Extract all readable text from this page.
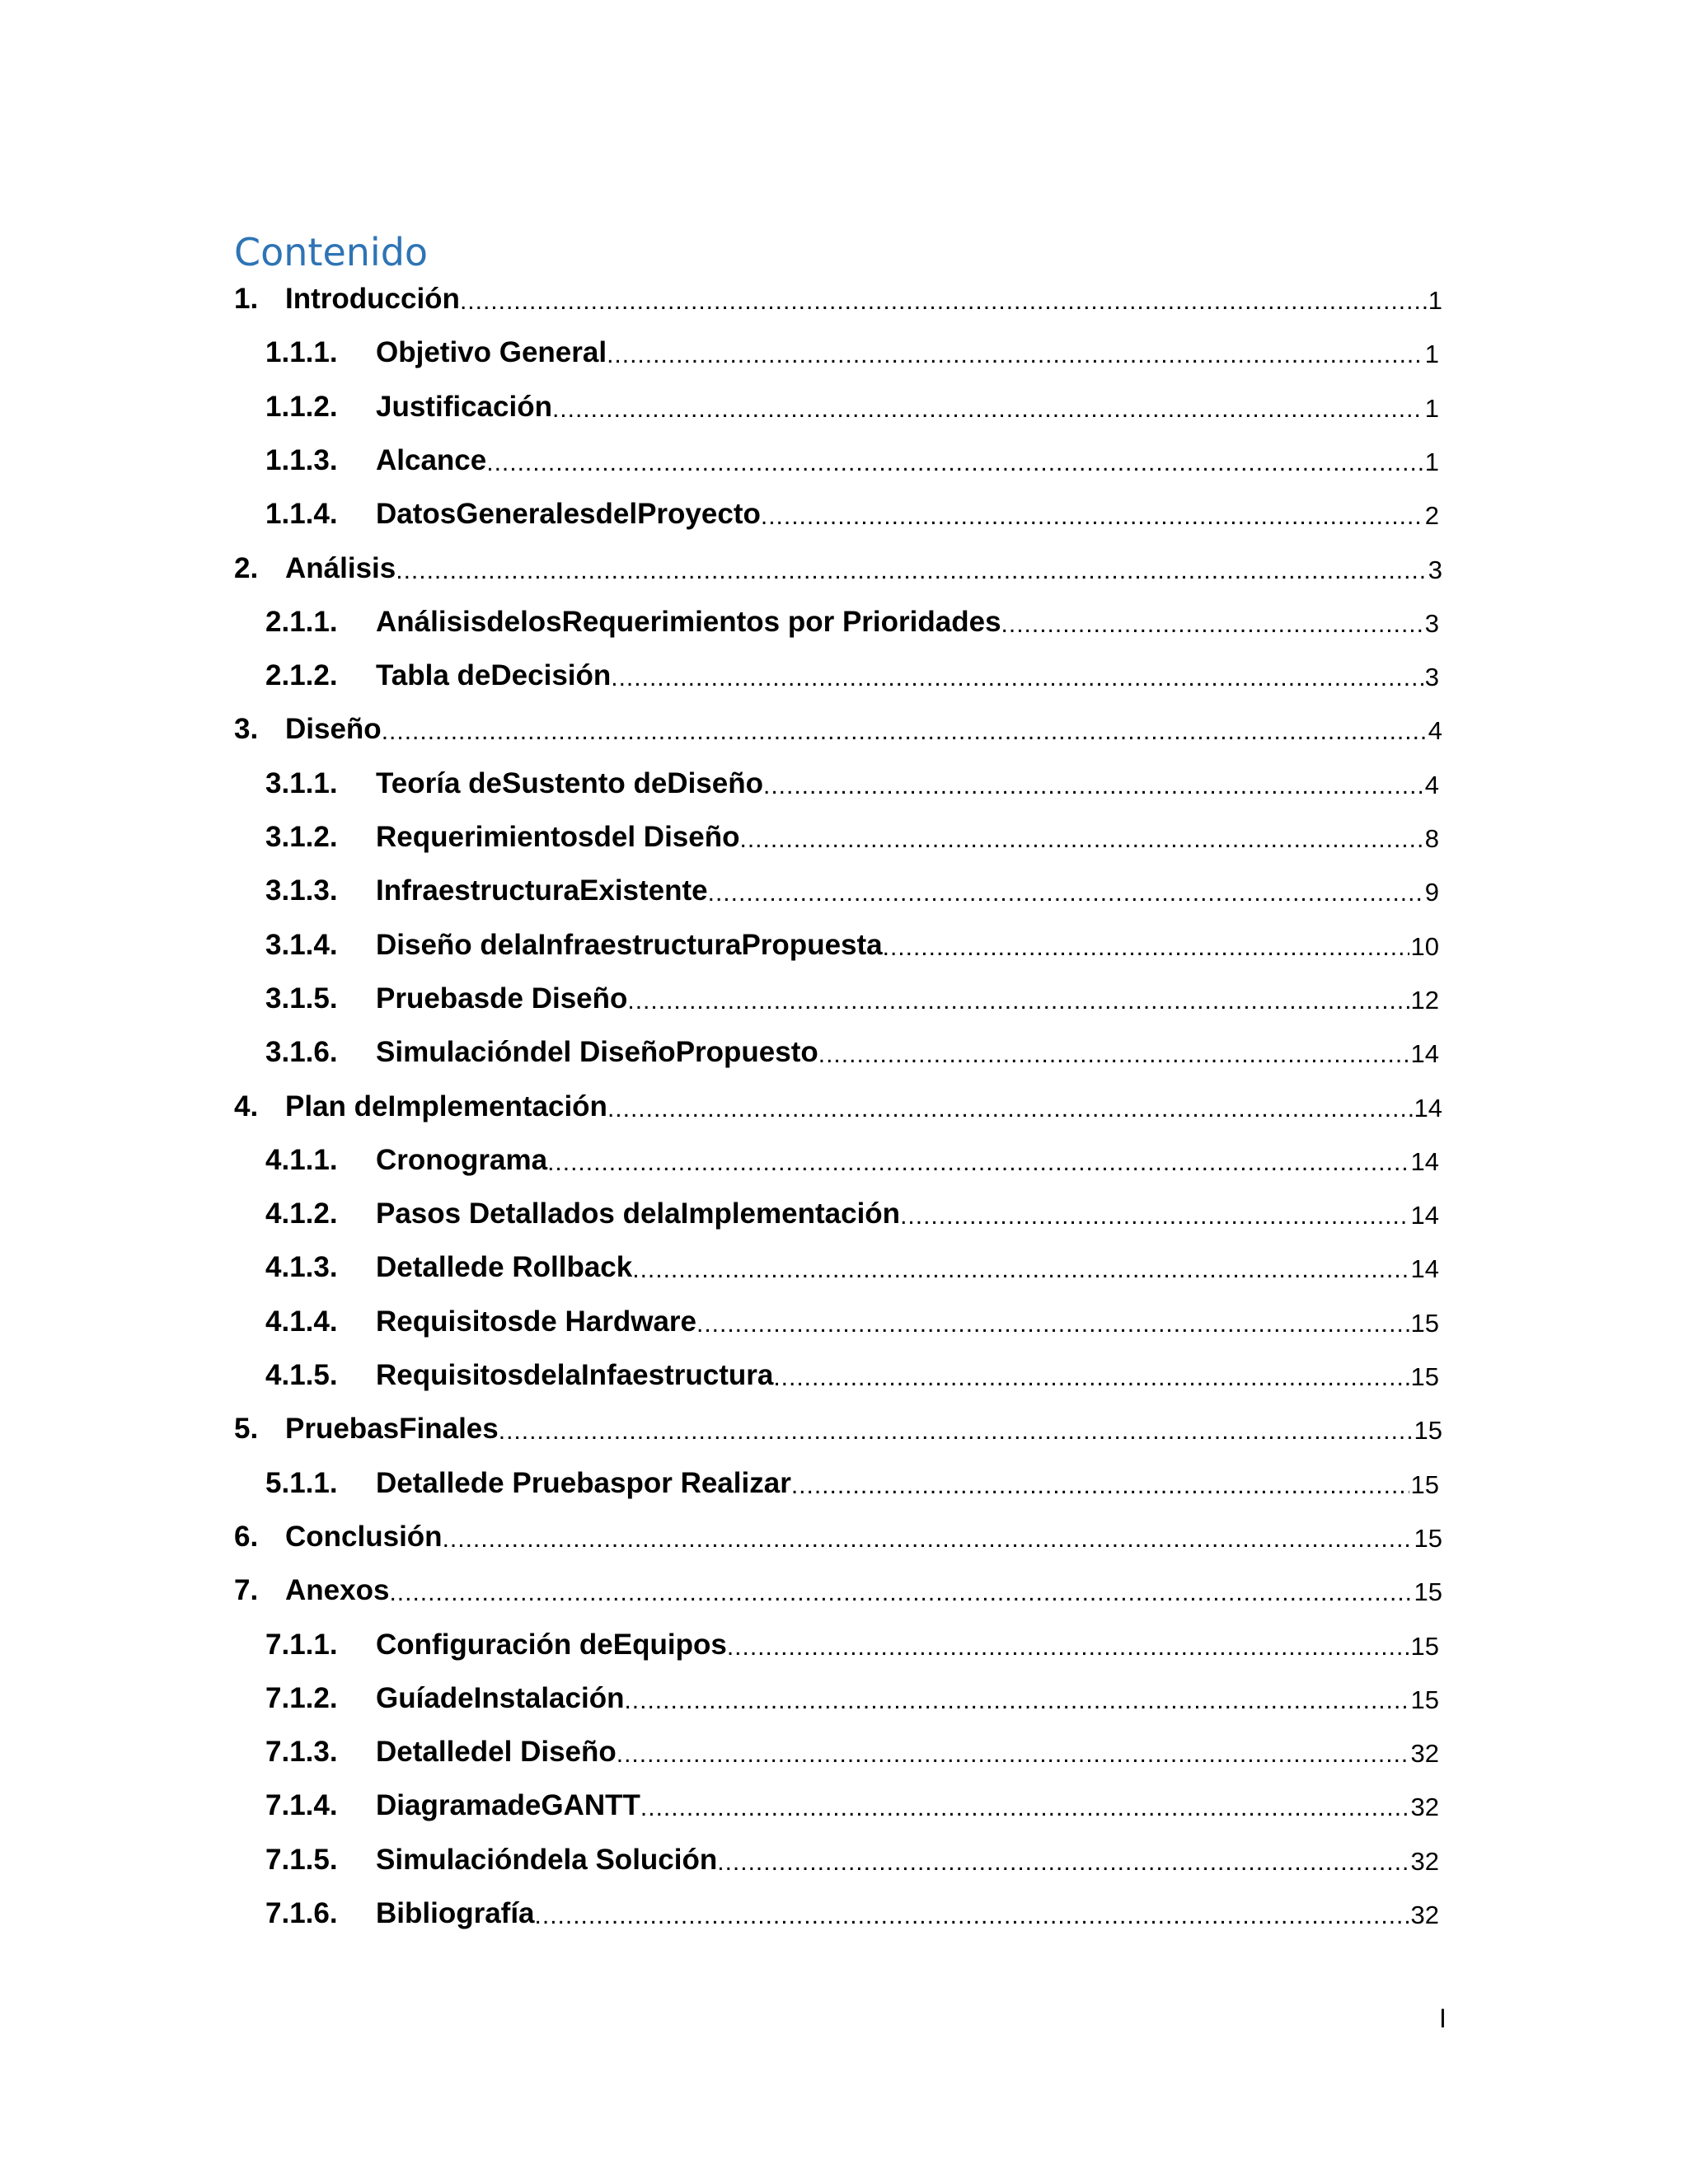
Contenido
1. Introducción .....	1
1.1.1.	Objetivo General .....	1
1.1.2.	Justificación .....	1
1.1.3.	Alcance .....	1
1.1.4.	DatosGeneralesdelProyecto .....	2
2. Análisis .....	3
2.1.1.	AnálisisdelosRequerimientos por Prioridades .....	3
2.1.2.	Tabla deDecisión .....	3
3. Diseño .....	4
3.1.1.	Teoría deSustento deDiseño .....	4
3.1.2.	Requerimientosdel Diseño .....	8
3.1.3.	InfraestructuraExistente .....	9
3.1.4.	Diseño delaInfraestructuraPropuesta .....	10
3.1.5.	Pruebasde Diseño .....	12
3.1.6.	Simulacióndel DiseñoPropuesto .....	14
4. Plan deImplementación .....	14
4.1.1.	Cronograma .....	14
4.1.2.	Pasos Detallados delaImplementación .....	14
4.1.3.	Detallede Rollback .....	14
4.1.4.	Requisitosde Hardware .....	15
4.1.5.	RequisitosdelaInfaestructura .....	15
5. PruebasFinales .....	15
5.1.1.	Detallede Pruebaspor Realizar .....	15
6. Conclusión .....	15
7. Anexos .....	15
7.1.1.	Configuración deEquipos .....	15
7.1.2.	GuíadeInstalación .....	15
7.1.3.	Detalledel Diseño .....	32
7.1.4.	DiagramadeGANTT .....	32
7.1.5.	Simulacióndela Solución .....	32
7.1.6.	Bibliografía .....	32
I
